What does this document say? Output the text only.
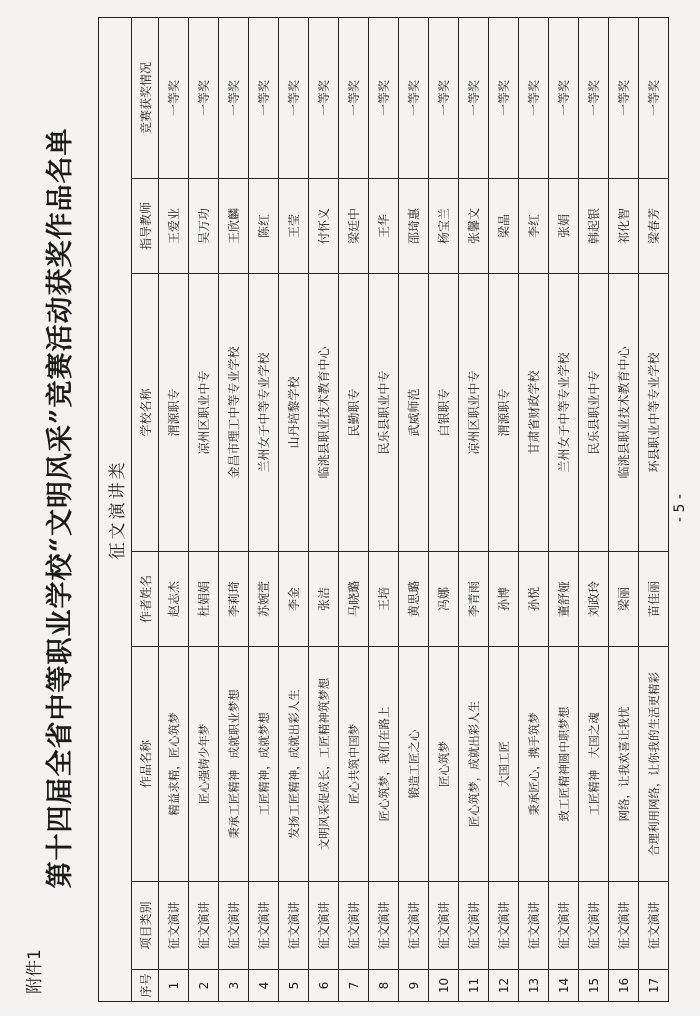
附件1
第十四届全省中等职业学校“文明风采”竞赛活动获奖作品名单 征文演讲类						
序号	项目类别	作品名称	作者姓名	学校名称	指导教师	竞赛获奖情况
1	征文演讲	精益求精，匠心筑梦	赵志杰	渭源职专	王爱业	一等奖
2	征文演讲	匠心强铸少年梦	杜娟娟	凉州区职业中专	吴万功	一等奖
3	征文演讲	秉承工匠精神　成就职业梦想	李莉琦	金昌市理工中等专业学校	王欣麟	一等奖
4	征文演讲	工匠精神，成就梦想	苏婉萱	兰州女子中等专业学校	陈红	一等奖
5	征文演讲	发扬工匠精神，成就出彩人生	李金	山丹培黎学校	王莹	一等奖
6	征文演讲	文明风采促成长，工匠精神筑梦想	张洁	临洮县职业技术教育中心	付怀义	一等奖
7	征文演讲	匠心共筑中国梦	马晓璐	民勤职专	梁廷中	一等奖
8	征文演讲	匠心筑梦，我们在路上	王培	民乐县职业中专	王华	一等奖
9	征文演讲	锻造工匠之心	黄思璐	武威师范	邵琦惠	一等奖
10	征文演讲	匠心筑梦	冯娜	白银职专	杨宝兰	一等奖
11	征文演讲	匠心筑梦，成就出彩人生	李青雨	凉州区职业中专	张馨文	一等奖
12	征文演讲	大国工匠	孙博	渭源职专	梁晶	一等奖
13	征文演讲	秉承匠心，携手筑梦	孙悦	甘肃省财政学校	李红	一等奖
14	征文演讲	致工匠精神圆中职梦想	董舒娅	兰州女子中等专业学校	张娟	一等奖
15	征文演讲	工匠精神　大国之魂	刘政玲	民乐县职业中专	韩起银	一等奖
16	征文演讲	网络，让我欢喜让我忧	梁丽	临洮县职业技术教育中心	祁化智	一等奖
17	征文演讲	合理利用网络，让你我的生活更精彩	苗佳丽	环县职业中等专业学校	梁春芳	一等奖
- 5 -
